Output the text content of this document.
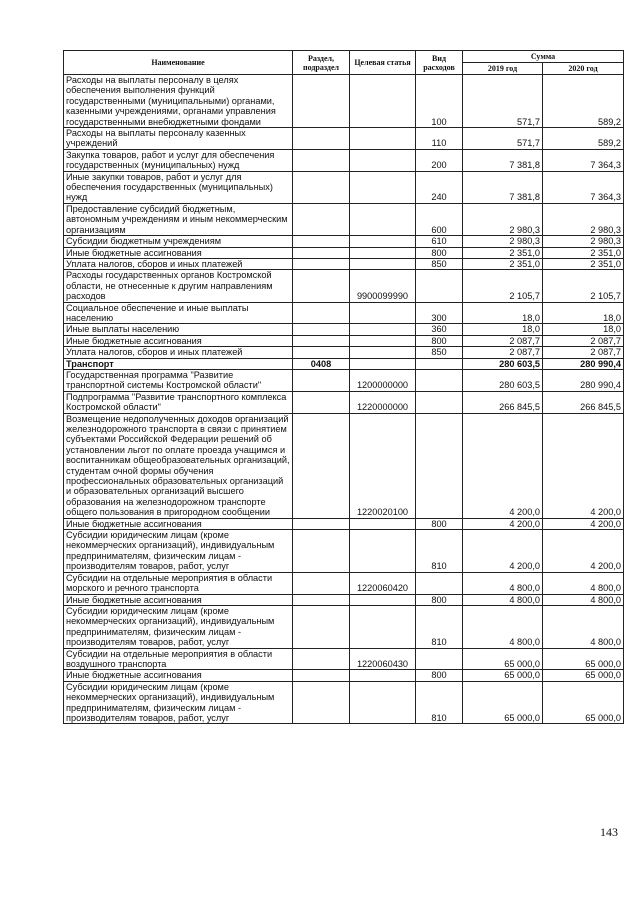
Наименование	Раздел, подраздел	Целевая статья	Вид расходов	Сумма	
				2019 год	2020 год
Расходы на выплаты персоналу в целях обеспечения выполнения функций государственными (муниципальными) органами, казенными учреждениями, органами управления государственными внебюджетными фондами			100	571,7	589,2
Расходы на выплаты персоналу казенных учреждений			110	571,7	589,2
Закупка товаров, работ и услуг для обеспечения государственных (муниципальных) нужд			200	7 381,8	7 364,3
Иные закупки товаров, работ и услуг для обеспечения государственных (муниципальных) нужд			240	7 381,8	7 364,3
Предоставление субсидий бюджетным, автономным учреждениям и иным некоммерческим организациям			600	2 980,3	2 980,3
Субсидии бюджетным учреждениям			610	2 980,3	2 980,3
Иные бюджетные ассигнования			800	2 351,0	2 351,0
Уплата налогов, сборов и иных платежей			850	2 351,0	2 351,0
Расходы государственных органов Костромской области, не отнесенные к другим направлениям расходов		9900099990		2 105,7	2 105,7
Социальное обеспечение и иные выплаты населению			300	18,0	18,0
Иные выплаты населению			360	18,0	18,0
Иные бюджетные ассигнования			800	2 087,7	2 087,7
Уплата налогов, сборов и иных платежей			850	2 087,7	2 087,7
Транспорт	0408			280 603,5	280 990,4
Государственная программа "Развитие транспортной системы Костромской области"		1200000000		280 603,5	280 990,4
Подпрограмма "Развитие транспортного комплекса Костромской области"		1220000000		266 845,5	266 845,5
Возмещение недополученных доходов организаций железнодорожного транспорта в связи с принятием субъектами Российской Федерации решений об установлении льгот по оплате проезда учащимся и воспитанникам общеобразовательных организаций, студентам очной формы обучения профессиональных образовательных организаций и образовательных организаций высшего образования на железнодорожном транспорте общего пользования в пригородном сообщении		1220020100		4 200,0	4 200,0
Иные бюджетные ассигнования			800	4 200,0	4 200,0
Субсидии юридическим лицам (кроме некоммерческих организаций), индивидуальным предпринимателям, физическим лицам - производителям товаров, работ, услуг			810	4 200,0	4 200,0
Субсидии на отдельные мероприятия в области морского и речного транспорта		1220060420		4 800,0	4 800,0
Иные бюджетные ассигнования			800	4 800,0	4 800,0
Субсидии юридическим лицам (кроме некоммерческих организаций), индивидуальным предпринимателям, физическим лицам - производителям товаров, работ, услуг			810	4 800,0	4 800,0
Субсидии на отдельные мероприятия в области воздушного транспорта		1220060430		65 000,0	65 000,0
Иные бюджетные ассигнования			800	65 000,0	65 000,0
Субсидии юридическим лицам (кроме некоммерческих организаций), индивидуальным предпринимателям, физическим лицам - производителям товаров, работ, услуг			810	65 000,0	65 000,0
143
